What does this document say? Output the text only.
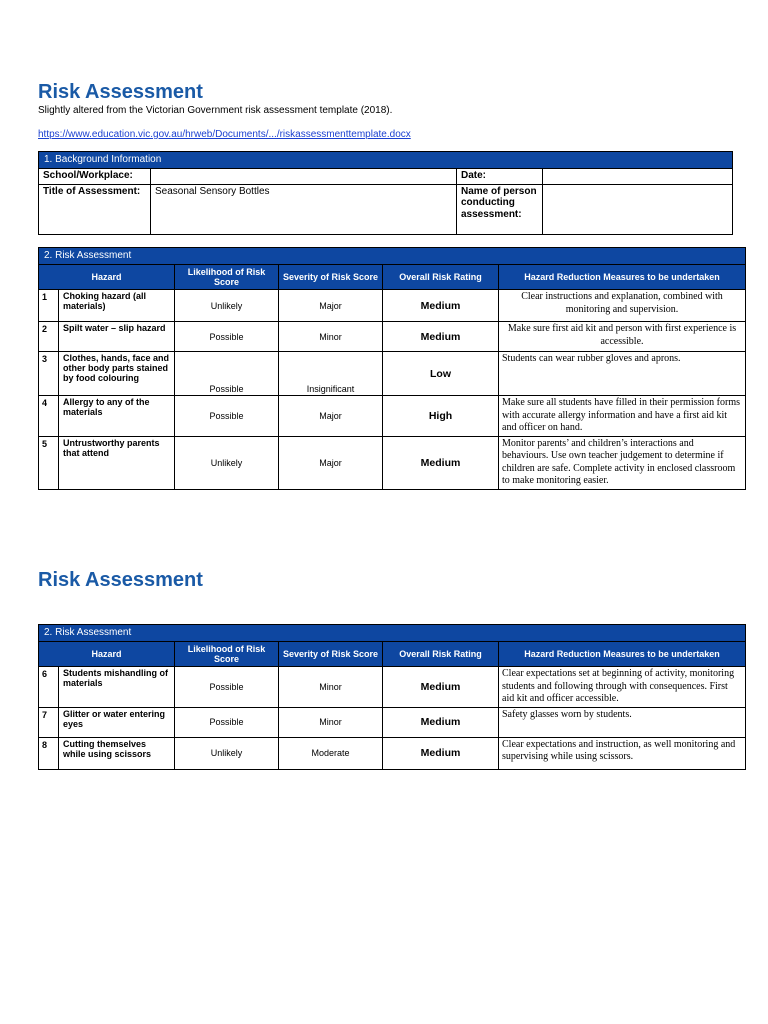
Risk Assessment
Slightly altered from the Victorian Government risk assessment template (2018).
https://www.education.vic.gov.au/hrweb/Documents/.../riskassessmenttemplate.docx
1. Background Information			
School/Workplace:		Date:	
Title of Assessment:	Seasonal Sensory Bottles	Name of person conducting assessment:	
2. Risk Assessment					
Hazard		Likelihood of Risk Score	Severity of Risk Score	Overall Risk Rating	Hazard Reduction Measures to be undertaken
1	Choking hazard (all materials)	Unlikely	Major	Medium	Clear instructions and explanation, combined with monitoring and supervision.
2	Spilt water – slip hazard	Possible	Minor	Medium	Make sure first aid kit and person with first experience is accessible.
3	Clothes, hands, face and other body parts stained by food colouring	Possible	Insignificant	Low	Students can wear rubber gloves and aprons.
4	Allergy to any of the materials	Possible	Major	High	Make sure all students have filled in their permission forms with accurate allergy information and have a first aid kit and officer on hand.
5	Untrustworthy parents that attend	Unlikely	Major	Medium	Monitor parents’ and children’s interactions and behaviours. Use own teacher judgement to determine if children are safe. Complete activity in enclosed classroom to make monitoring easier.
Risk Assessment
2. Risk Assessment					
Hazard		Likelihood of Risk Score	Severity of Risk Score	Overall Risk Rating	Hazard Reduction Measures to be undertaken
6	Students mishandling of materials	Possible	Minor	Medium	Clear expectations set at beginning of activity, monitoring students and following through with consequences. First aid kit and officer accessible.
7	Glitter or water entering eyes	Possible	Minor	Medium	Safety glasses worn by students.
8	Cutting themselves while using scissors	Unlikely	Moderate	Medium	Clear expectations and instruction, as well monitoring and supervising while using scissors.
